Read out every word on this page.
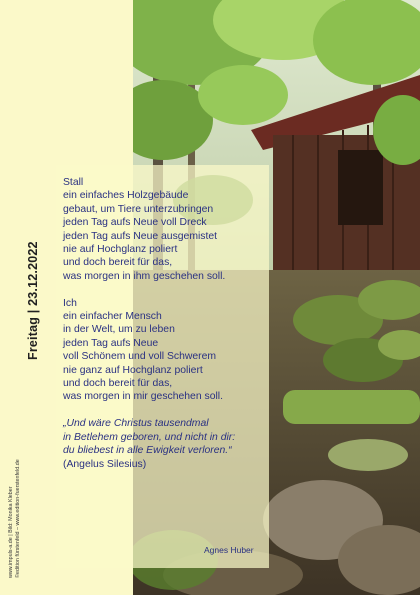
Freitag | 23.12.2022
www.impuls-a.de | Bild: Monika Kleber ©edition fürstenfeld – www.edition-fuerstenfeld.de
Stall
ein einfaches Holzgebäude
gebaut, um Tiere unterzubringen
jeden Tag aufs Neue voll Dreck
jeden Tag aufs Neue ausgemistet
nie auf Hochglanz poliert
und doch bereit für das,
was morgen in ihm geschehen soll.
Ich
ein einfacher Mensch
in der Welt, um zu leben
jeden Tag aufs Neue
voll Schönem und voll Schwerem
nie ganz auf Hochglanz poliert
und doch bereit für das,
was morgen in mir geschehen soll.
„Und wäre Christus tausendmal
in Betlehem geboren, und nicht in dir:
du bliebest in alle Ewigkeit verloren.“
(Angelus Silesius)
Agnes Huber
